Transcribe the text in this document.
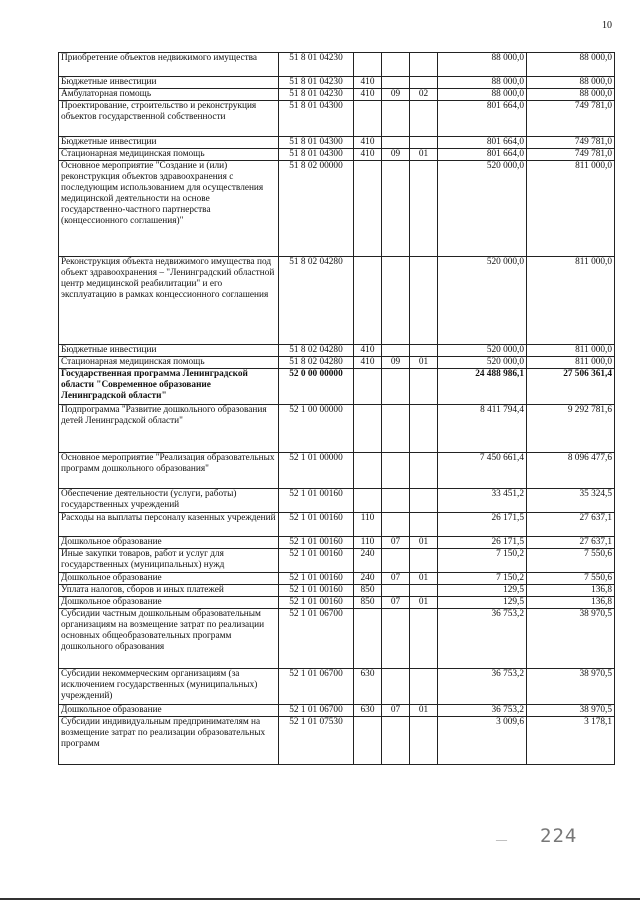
10
Приобретение объектов недвижимого имущества	51 8 01 04230				88 000,0	88 000,0
Бюджетные инвестиции	51 8 01 04230	410			88 000,0	88 000,0
Амбулаторная помощь	51 8 01 04230	410	09	02	88 000,0	88 000,0
Проектирование, строительство и реконструкция объектов государственной собственности	51 8 01 04300				801 664,0	749 781,0
Бюджетные инвестиции	51 8 01 04300	410			801 664,0	749 781,0
Стационарная медицинская помощь	51 8 01 04300	410	09	01	801 664,0	749 781,0
Основное мероприятие "Создание и (или) реконструкция объектов здравоохранения с последующим использованием для осуществления медицинской деятельности на основе государственно-частного партнерства (концессионного соглашения)"	51 8 02 00000				520 000,0	811 000,0
Реконструкция объекта недвижимого имущества под объект здравоохранения – "Ленинградский областной центр медицинской реабилитации" и его эксплуатацию в рамках концессионного соглашения	51 8 02 04280				520 000,0	811 000,0
Бюджетные инвестиции	51 8 02 04280	410			520 000,0	811 000,0
Стационарная медицинская помощь	51 8 02 04280	410	09	01	520 000,0	811 000,0
Государственная программа Ленинградской области "Современное образование Ленинградской области"	52 0 00 00000				24 488 986,1	27 506 361,4
Подпрограмма "Развитие дошкольного образования детей Ленинградской области"	52 1 00 00000				8 411 794,4	9 292 781,6
Основное мероприятие "Реализация образовательных программ дошкольного образования"	52 1 01 00000				7 450 661,4	8 096 477,6
Обеспечение деятельности (услуги, работы) государственных учреждений	52 1 01 00160				33 451,2	35 324,5
Расходы на выплаты персоналу казенных учреждений	52 1 01 00160	110			26 171,5	27 637,1
Дошкольное образование	52 1 01 00160	110	07	01	26 171,5	27 637,1
Иные закупки товаров, работ и услуг для государственных (муниципальных) нужд	52 1 01 00160	240			7 150,2	7 550,6
Дошкольное образование	52 1 01 00160	240	07	01	7 150,2	7 550,6
Уплата налогов, сборов и иных платежей	52 1 01 00160	850			129,5	136,8
Дошкольное образование	52 1 01 00160	850	07	01	129,5	136,8
Субсидии частным дошкольным образовательным организациям на возмещение затрат по реализации основных общеобразовательных программ дошкольного образования	52 1 01 06700				36 753,2	38 970,5
Субсидии некоммерческим организациям (за исключением государственных (муниципальных) учреждений)	52 1 01 06700	630			36 753,2	38 970,5
Дошкольное образование	52 1 01 06700	630	07	01	36 753,2	38 970,5
Субсидии индивидуальным предпринимателям на возмещение затрат по реализации образовательных программ	52 1 01 07530				3 009,6	3 178,1
— 224
